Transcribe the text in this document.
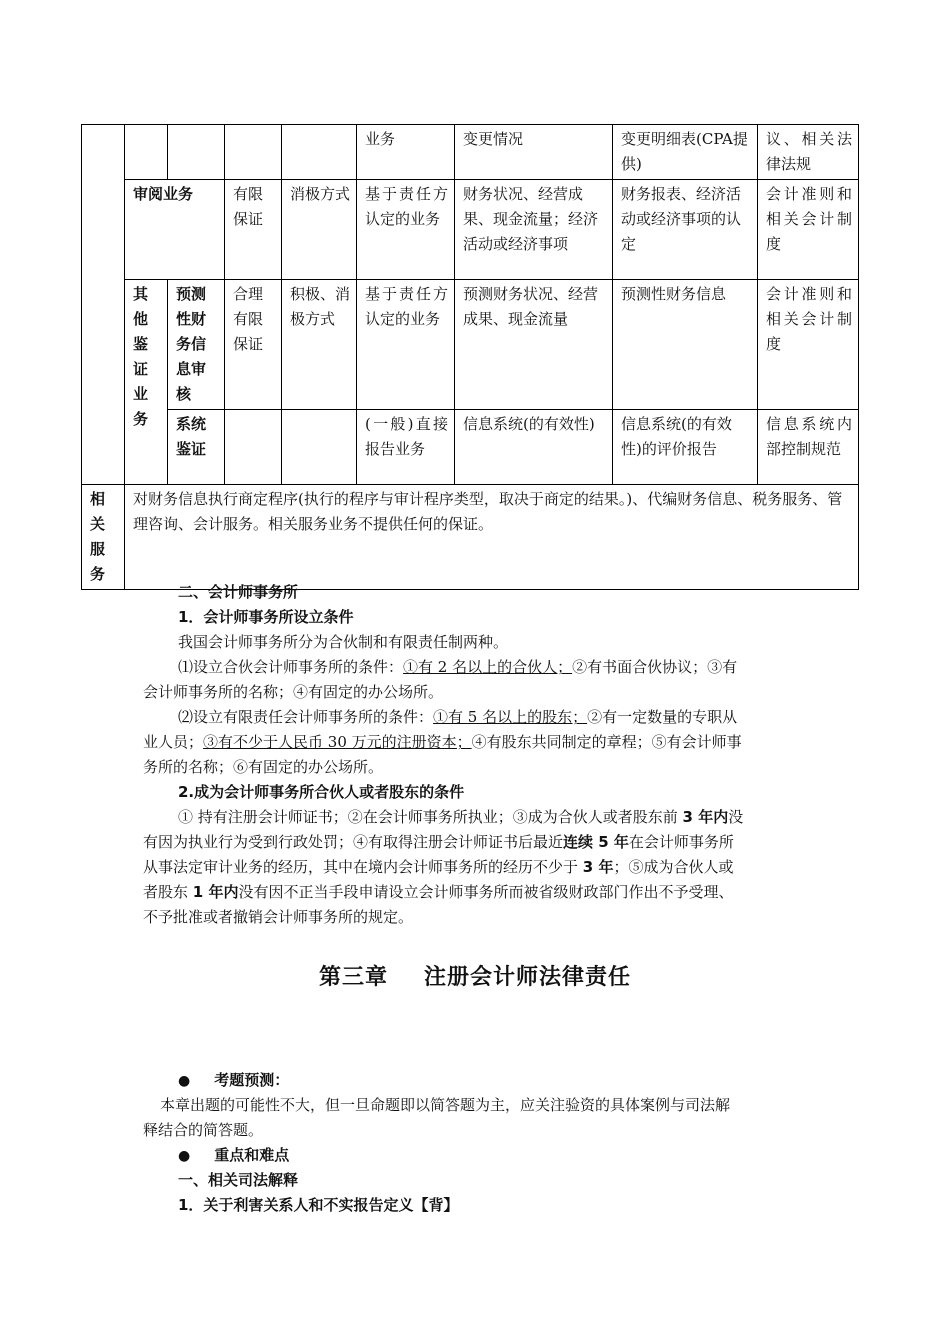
					业务	变更情况	变更明细表(CPA提供)	议、相关法律法规
	审阅业务		有限保证	消极方式	基于责任方认定的业务	财务状况、经营成果、现金流量；经济活动或经济事项	财务报表、经济活动或经济事项的认定	会计准则和相关会计制度

	其他鉴证业务	预测性财务信息审核	合理有限保证	积极、消极方式	基于责任方认定的业务	预测财务状况、经营成果、现金流量	预测性财务信息	会计准则和相关会计制度

		系统鉴证			(一般)直接报告业务	信息系统(的有效性)	信息系统(的有效性)的评价报告	信息系统内部控制规范

相关服务	对财务信息执行商定程序(执行的程序与审计程序类型，取决于商定的结果。)、代编财务信息、税务服务、管理咨询、会计服务。相关服务业务不提供任何的保证。							
二、会计师事务所
1．会计师事务所设立条件
我国会计师事务所分为合伙制和有限责任制两种。
⑴设立合伙会计师事务所的条件：①有 2 名以上的合伙人；②有书面合伙协议；③有
会计师事务所的名称；④有固定的办公场所。
⑵设立有限责任会计师事务所的条件：①有 5 名以上的股东；②有一定数量的专职从
业人员；③有不少于人民币 30 万元的注册资本；④有股东共同制定的章程；⑤有会计师事
务所的名称；⑥有固定的办公场所。
2.成为会计师事务所合伙人或者股东的条件
① 持有注册会计师证书；②在会计师事务所执业；③成为合伙人或者股东前 3 年内没
有因为执业行为受到行政处罚；④有取得注册会计师证书后最近连续 5 年在会计师事务所
从事法定审计业务的经历，其中在境内会计师事务所的经历不少于 3 年；⑤成为合伙人或
者股东 1 年内没有因不正当手段申请设立会计师事务所而被省级财政部门作出不予受理、
不予批准或者撤销会计师事务所的规定。
第三章 注册会计师法律责任
● 考题预测：
本章出题的可能性不大，但一旦命题即以简答题为主，应关注验资的具体案例与司法解
释结合的简答题。
● 重点和难点
一、相关司法解释
1．关于利害关系人和不实报告定义【背】
